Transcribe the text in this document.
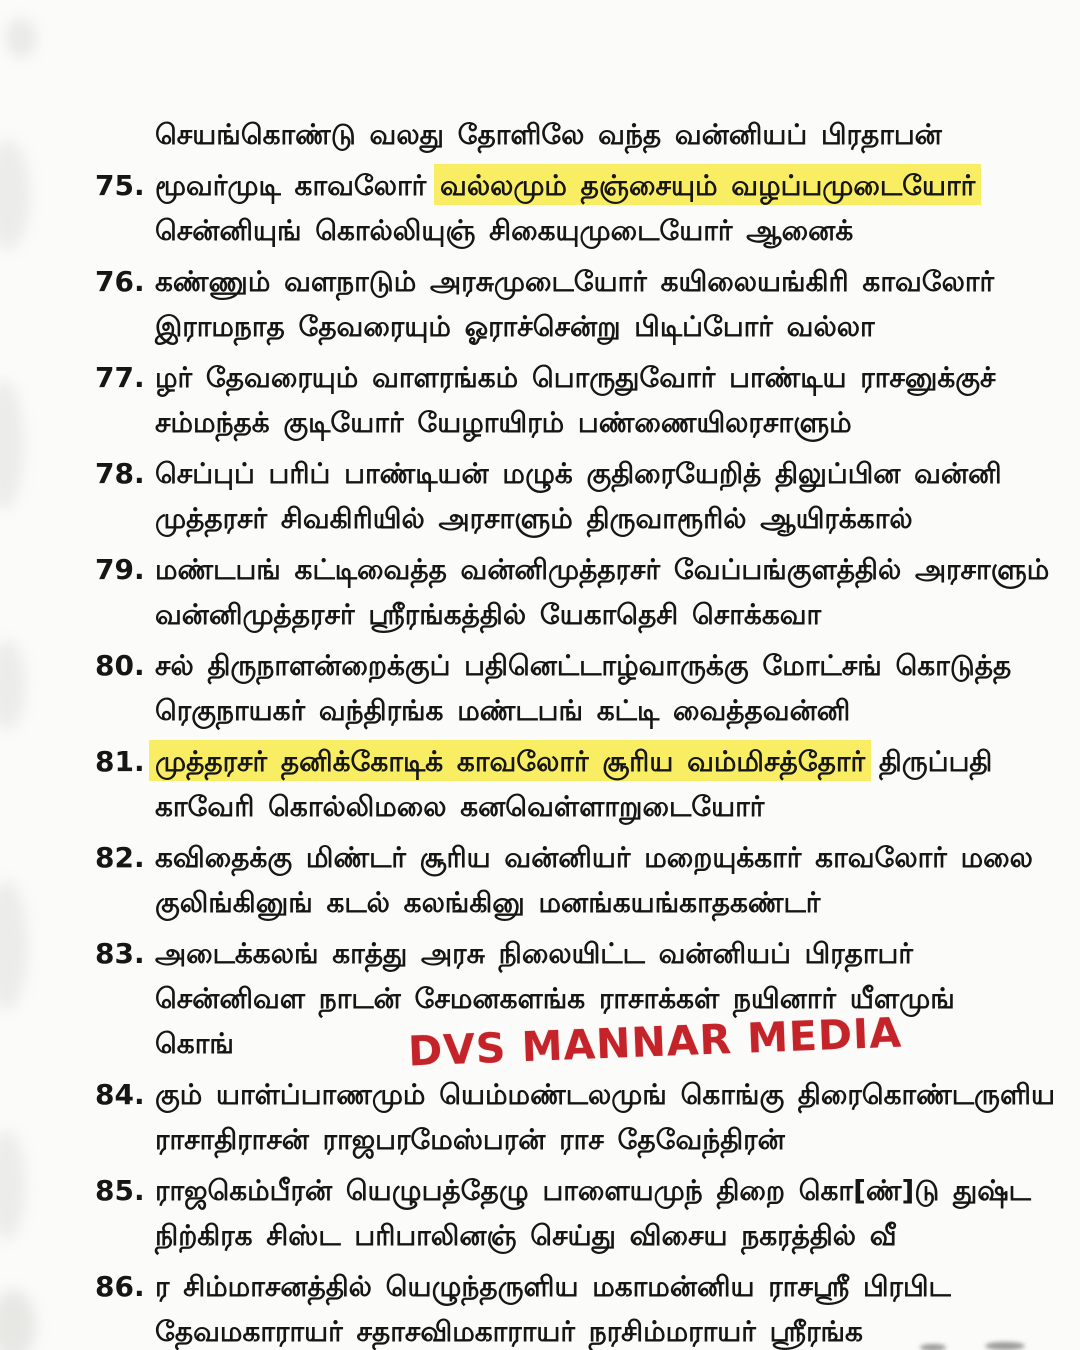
செயங்கொண்டு வலது தோளிலே வந்த வன்னியப் பிரதாபன்
75. மூவர்முடி காவலோர் வல்லமும் தஞ்சையும் வழப்பமுடையோர்
சென்னியுங் கொல்லியுஞ் சிகையுமுடையோர் ஆனைக்
76. கண்ணும் வளநாடும் அரசுமுடையோர் கயிலையங்கிரி காவலோர்
இராமநாத தேவரையும் ஓராச்சென்று பிடிப்போர் வல்லா
77. ழர் தேவரையும் வாளரங்கம் பொருதுவோர் பாண்டிய ராசனுக்குச்
சம்மந்தக் குடியோர் யேழாயிரம் பண்ணையிலரசாளும்
78. செப்புப் பரிப் பாண்டியன் மழுக் குதிரையேறித் திலுப்பின வன்னி
முத்தரசர் சிவகிரியில் அரசாளும் திருவாரூரில் ஆயிரக்கால்
79. மண்டபங் கட்டிவைத்த வன்னிமுத்தரசர் வேப்பங்குளத்தில் அரசாளும்
வன்னிமுத்தரசர் ஸ்ரீரங்கத்தில் யேகாதெசி சொக்கவா
80. சல் திருநாளன்றைக்குப் பதினெட்டாழ்வாருக்கு மோட்சங் கொடுத்த
ரெகுநாயகர் வந்திரங்க மண்டபங் கட்டி வைத்தவன்னி
81. முத்தரசர் தனிக்கோடிக் காவலோர் சூரிய வம்மிசத்தோர் திருப்பதி
காவேரி கொல்லிமலை கனவெள்ளாறுடையோர்
82. கவிதைக்கு மிண்டர் சூரிய வன்னியர் மறையுக்கார் காவலோர் மலை
குலிங்கினுங் கடல் கலங்கினு மனங்கயங்காதகண்டர்
83. அடைக்கலங் காத்து அரசு நிலையிட்ட வன்னியப் பிரதாபர்
சென்னிவள நாடன் சேமனகளங்க ராசாக்கள் நயினார் யீளமுங்
கொங்
84. கும் யாள்ப்பாணமும் யெம்மண்டலமுங் கொங்கு திரைகொண்டருளிய
ராசாதிராசன் ராஜபரமேஸ்பரன் ராச தேவேந்திரன்
85. ராஜகெம்பீரன் யெழுபத்தேழு பாளையமுந் திறை கொ[ண்]டு துஷ்ட
நிற்கிரக சிஸ்ட பரிபாலினஞ் செய்து விசைய நகரத்தில் வீ
86. ர சிம்மாசனத்தில் யெழுந்தருளிய மகாமன்னிய ராசஸ்ரீ பிரபிட
தேவமகாராயர் சதாசவிமகாராயர் நரசிம்மராயர் ஸ்ரீரங்க
DVS MANNAR MEDIA
